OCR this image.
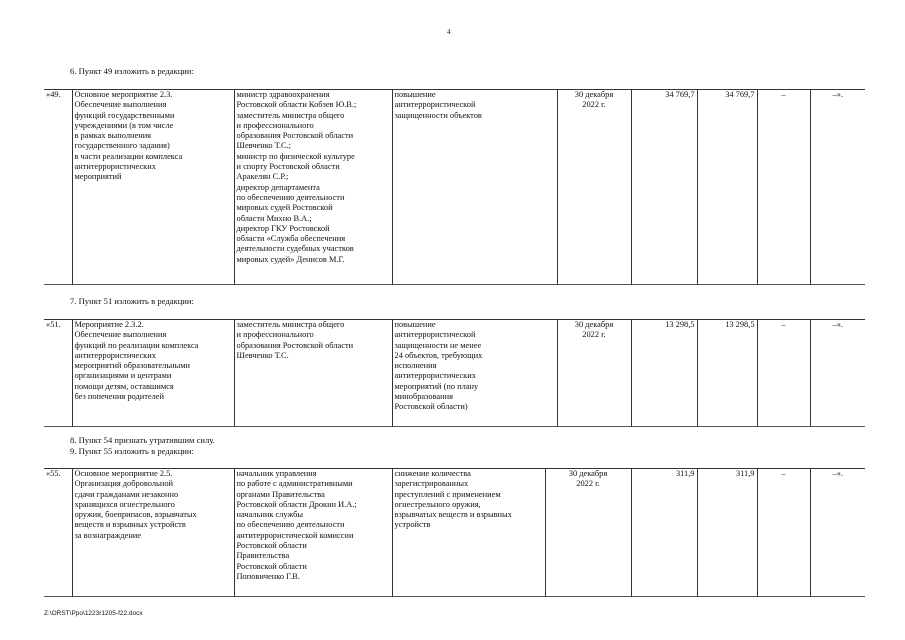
4
6. Пункт 49 изложить в редакции:
«49.	Основное мероприятие 2.3.
Обеспечение выполнения
функций государственными
учреждениями (в том числе
в рамках выполнения
государственного задания)
в части реализации комплекса
антитеррористических
мероприятий	министр здравоохранения
Ростовской области Кобзев Ю.В.;
заместитель министра общего
и профессионального
образования Ростовской области
Шевченко Т.С.;
министр по физической культуре
и спорту Ростовской области
Аракелян С.Р.;
директор департамента
по обеспечению деятельности
мировых судей Ростовской
области Михно В.А.;
директор ГКУ Ростовской
области «Служба обеспечения
деятельности судебных участков
мировых судей» Денисов М.Г.	повышение
антитеррористической
защищенности объектов	30 декабря
2022 г.	34 769,7	34 769,7	–	–».
7. Пункт 51 изложить в редакции:
«51.	Мероприятие 2.3.2.
Обеспечение выполнения
функций по реализации комплекса
антитеррористических
мероприятий образовательными
организациями и центрами
помощи детям, оставшимся
без попечения родителей	заместитель министра общего
и профессионального
образования Ростовской области
Шевченко Т.С.	повышение
антитеррористической
защищенности не менее
24 объектов, требующих
исполнения
антитеррористических
мероприятий (по плану
минобразования
Ростовской области)	30 декабря
2022 г.	13 298,5	13 298,5	–	–».
8. Пункт 54 признать утратившим силу.
9. Пункт 55 изложить в редакции:
«55.	Основное мероприятие 2.5.
Организация добровольной
сдачи гражданами незаконно
хранящихся огнестрельного
оружия, боеприпасов, взрывчатых
веществ и взрывных устройств
за вознаграждение	начальник управления
по работе с административными
органами Правительства
Ростовской области Дрокин И.А.;
начальник службы
по обеспечению деятельности
антитеррористической комиссии
Ростовской области
Правительства
Ростовской области
Поповиченко Г.В.	снижение количества
зарегистрированных
преступлений с применением
огнестрельного оружия,
взрывчатых веществ и взрывных
устройств	30 декабря
2022 г.	311,9	311,9	–	–».
Z:\ORST\Ppo\1223r1205-f22.docx
